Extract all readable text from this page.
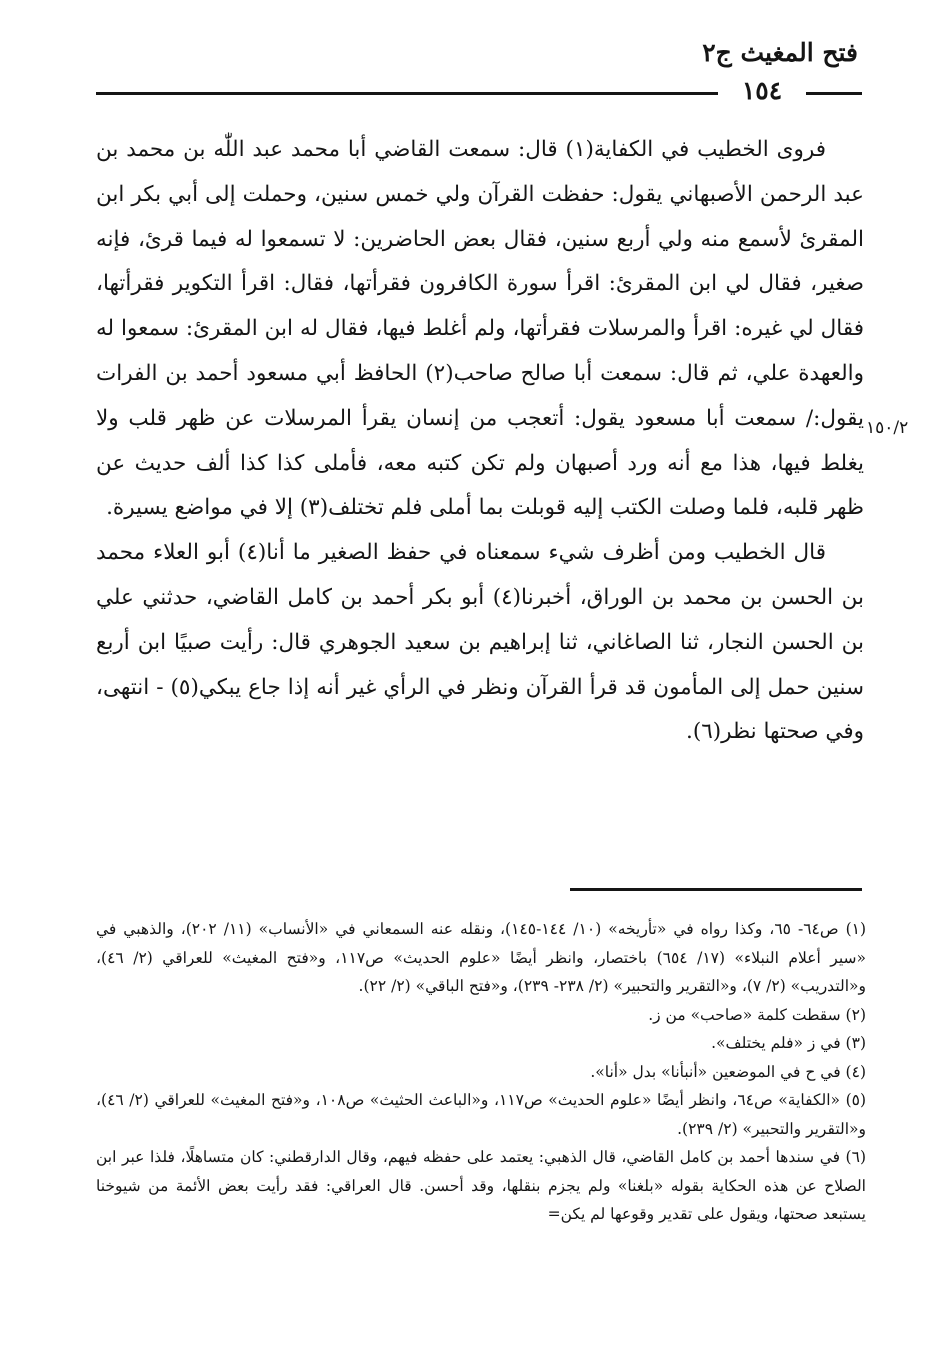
فتح المغيث ج٢
١٥٤

فروى الخطيب في الكفاية(١) قال: سمعت القاضي أبا محمد عبد اللّٰه بن محمد بن عبد الرحمن الأصبهاني يقول: حفظت القرآن ولي خمس سنين، وحملت إلى أبي بكر ابن المقرئ لأسمع منه ولي أربع سنين، فقال بعض الحاضرين: لا تسمعوا له فيما قرئ، فإنه صغير، فقال لي ابن المقرئ: اقرأ سورة الكافرون فقرأتها، فقال: اقرأ التكوير فقرأتها، فقال لي غيره: اقرأ والمرسلات فقرأتها، ولم أغلط فيها، فقال له ابن المقرئ: سمعوا له والعهدة علي، ثم قال: سمعت أبا صالح صاحب(٢) الحافظ أبي مسعود أحمد بن الفرات يقول:/ سمعت أبا مسعود يقول: أتعجب من إنسان يقرأ المرسلات عن ظهر قلب ولا يغلط فيها، هذا مع أنه ورد أصبهان ولم تكن كتبه معه، فأملى كذا كذا ألف حديث عن ظهر قلبه، فلما وصلت الكتب إليه قوبلت بما أملى فلم تختلف(٣) إلا في مواضع يسيرة.

قال الخطيب ومن أظرف شيء سمعناه في حفظ الصغير ما أنا(٤) أبو العلاء محمد بن الحسن بن محمد بن الوراق، أخبرنا(٤) أبو بكر أحمد بن كامل القاضي، حدثني علي بن الحسن النجار، ثنا الصاغاني، ثنا إبراهيم بن سعيد الجوهري قال: رأيت صبيًا ابن أربع سنين حمل إلى المأمون قد قرأ القرآن ونظر في الرأي غير أنه إذا جاع يبكي(٥) - انتهى، وفي صحتها نظر(٦).

١٥٠/٢

(١) ص٦٤- ٦٥، وكذا رواه في «تأريخه» (١٠/ ١٤٤-١٤٥)، ونقله عنه السمعاني في «الأنساب» (١١/ ٢٠٢)، والذهبي في «سير أعلام النبلاء» (١٧/ ٦٥٤) باختصار، وانظر أيضًا «علوم الحديث» ص١١٧، و«فتح المغيث» للعراقي (٢/ ٤٦)، و«التدريب» (٢/ ٧)، و«التقرير والتحبير» (٢/ ٢٣٨- ٢٣٩)، و«فتح الباقي» (٢/ ٢٢).

(٢) سقطت كلمة «صاحب» من ز.

(٣) في ز «فلم يختلف».

(٤) في ح في الموضعين «أنبأنا» بدل «أنا».

(٥) «الكفاية» ص٦٤، وانظر أيضًا «علوم الحديث» ص١١٧، و«الباعث الحثيث» ص١٠٨، و«فتح المغيث» للعراقي (٢/ ٤٦)، و«التقرير والتحبير» (٢/ ٢٣٩).

(٦) في سندها أحمد بن كامل القاضي، قال الذهبي: يعتمد على حفظه فيهم، وقال الدارقطني: كان متساهلًا، فلذا عبر ابن الصلاح عن هذه الحكاية بقوله «بلغنا» ولم يجزم بنقلها، وقد أحسن. قال العراقي: فقد رأيت بعض الأئمة من شيوخنا يستبعد صحتها، ويقول على تقدير وقوعها لم يكن=
